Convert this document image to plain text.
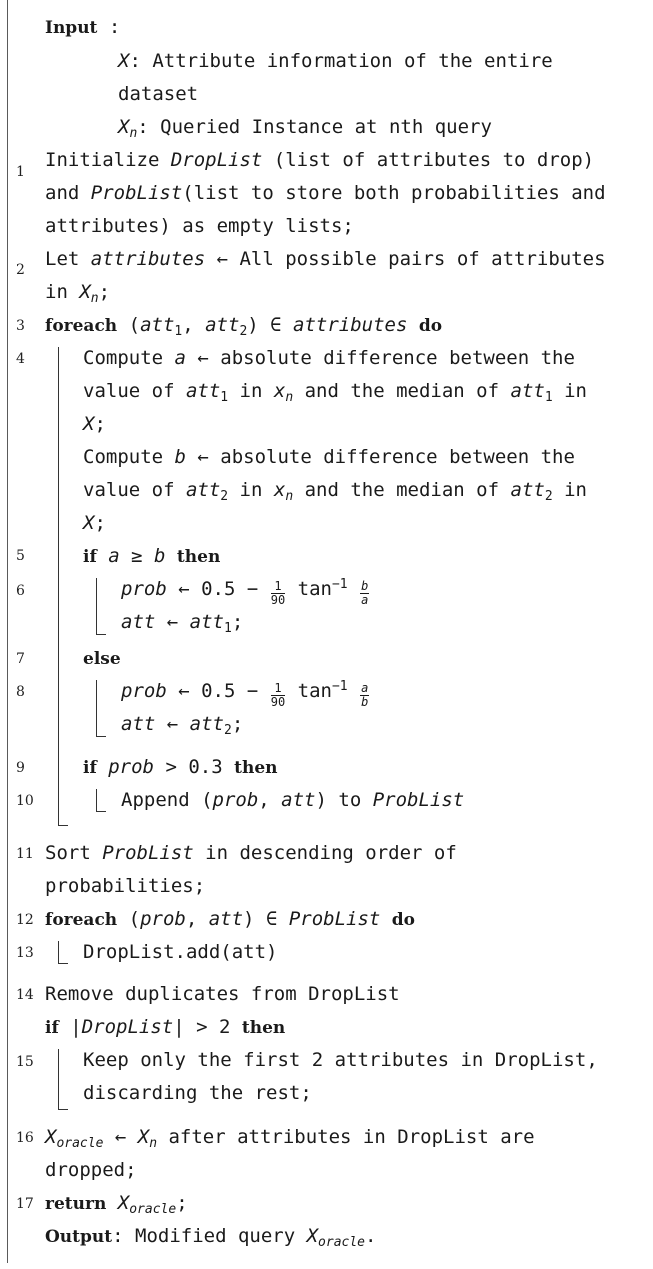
1
2
3
4
5
6
7
8
9
10
11
12
13
14
15
16
17
Input :
X: Attribute information of the entire
dataset
$X_n$: Queried Instance at nth query
Initialize DropList (list of attributes to drop)
and ProbList(list to store both probabilities and
attributes) as empty lists;
Let attributes ← All possible pairs of attributes
in $X_n$;
foreach (att$_1$, att$_2$) ∈ attributes do
Compute a ← absolute difference between the
value of att$_1$ in $x_n$ and the median of att$_1$ in
X;
Compute b ← absolute difference between the
value of att$_2$ in $x_n$ and the median of att$_2$ in
X;
if a ≥ b then
prob ← $0.5 - \frac{1}{90} \tan^{-1} \frac{b}{a}$
att ← att$_1$;
else
prob ← $0.5 - \frac{1}{90} \tan^{-1} \frac{a}{b}$
att ← att$_2$;
if prob > 0.3 then
Append (prob, att) to ProbList
Sort ProbList in descending order of
probabilities;
foreach (prob, att) ∈ ProbList do
DropList.add(att)
Remove duplicates from DropList
if |DropList| > 2 then
Keep only the first 2 attributes in DropList,
discarding the rest;
$X_{oracle}$ ← $X_n$ after attributes in DropList are
dropped;
return $X_{oracle}$;
Output: Modified query $X_{oracle}$.
